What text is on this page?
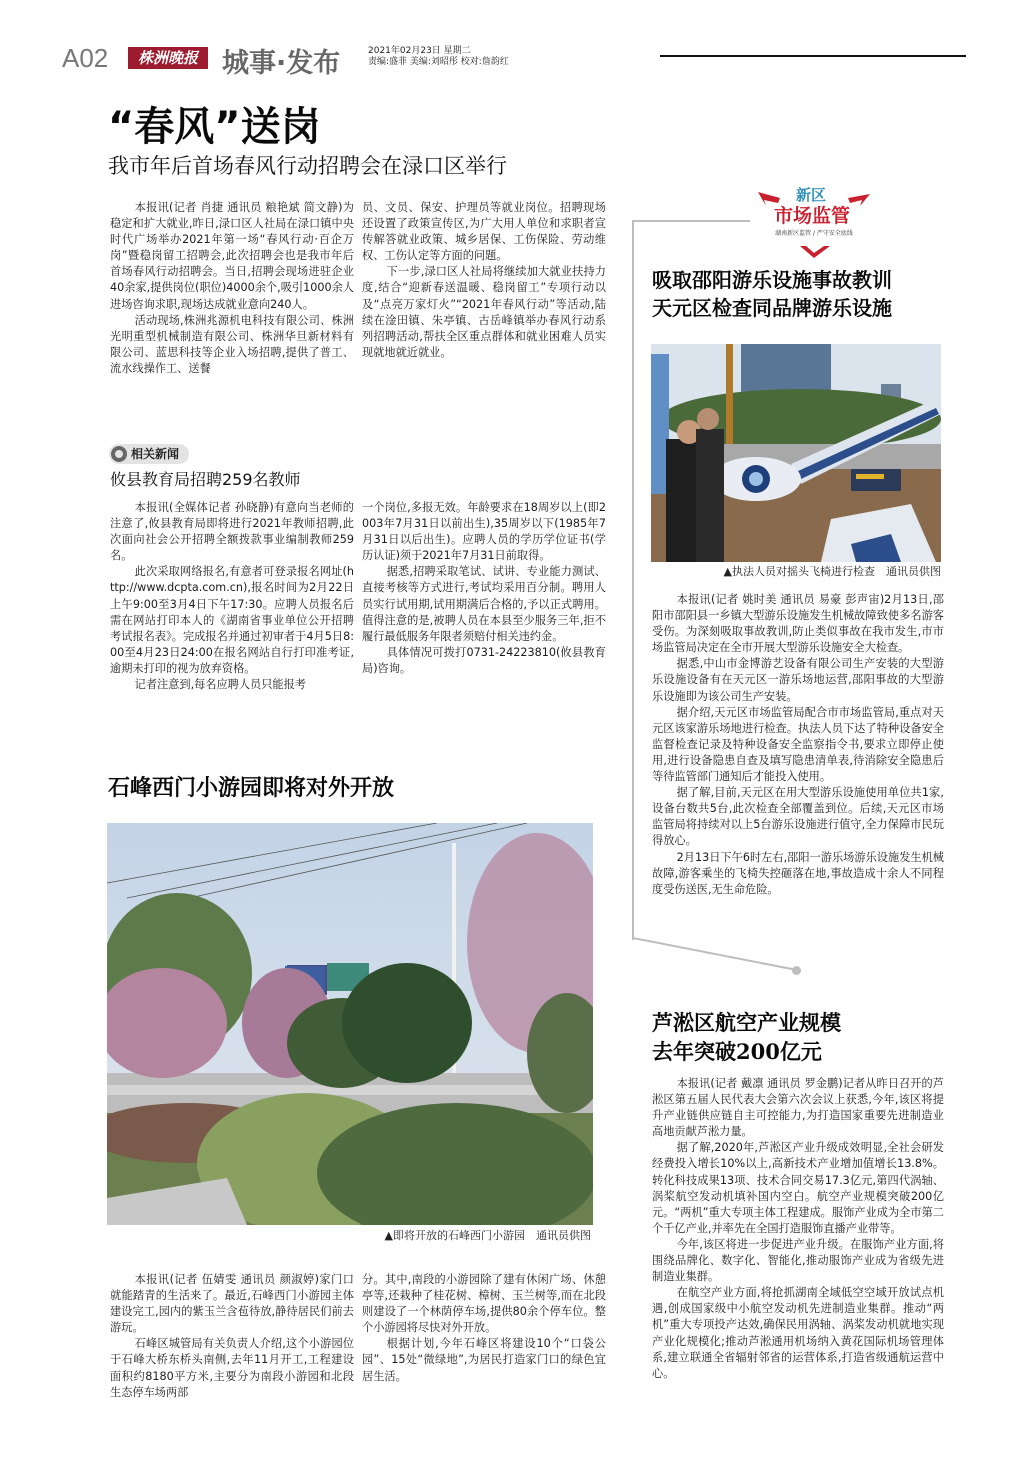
A02	株洲晚报 城事·发布	2021年02月23日 星期二
责编:盛菲 美编:刘昭彤 校对:詹韵红
“春风”送岗
我市年后首场春风行动招聘会在渌口区举行

本报讯(记者 肖捷 通讯员 粮艳斌 简文静)为稳定和扩大就业,昨日,渌口区人社局在渌口镇中央时代广场举办2021年第一场“春风行动·百企万岗”暨稳岗留工招聘会,此次招聘会也是我市年后首场春风行动招聘会。当日,招聘会现场进驻企业40余家,提供岗位(职位)4000余个,吸引1000余人进场咨询求职,现场达成就业意向240人。

活动现场,株洲兆源机电科技有限公司、株洲光明重型机械制造有限公司、株洲华旦新材料有限公司、蓝思科技等企业入场招聘,提供了普工、流水线操作工、送餐

员、文员、保安、护理员等就业岗位。招聘现场还设置了政策宣传区,为广大用人单位和求职者宣传解答就业政策、城乡居保、工伤保险、劳动维权、工伤认定等方面的问题。

下一步,渌口区人社局将继续加大就业扶持力度,结合“迎新春送温暖、稳岗留工”专项行动以及“点亮万家灯火”“2021年春风行动”等活动,陆续在淦田镇、朱亭镇、古岳峰镇举办春风行动系列招聘活动,帮扶全区重点群体和就业困难人员实现就地就近就业。

相关新闻
攸县教育局招聘259名教师

本报讯(全媒体记者 孙晓静)有意向当老师的注意了,攸县教育局即将进行2021年教师招聘,此次面向社会公开招聘全额拨款事业编制教师259名。

此次采取网络报名,有意者可登录报名网址(http://www.dcpta.com.cn),报名时间为2月22日上午9:00至3月4日下午17:30。应聘人员报名后需在网站打印本人的《湖南省事业单位公开招聘考试报名表》。完成报名并通过初审者于4月5日8:00至4月23日24:00在报名网站自行打印准考证,逾期未打印的视为放弃资格。

记者注意到,每名应聘人员只能报考

一个岗位,多报无效。年龄要求在18周岁以上(即2003年7月31日以前出生),35周岁以下(1985年7月31日以后出生)。应聘人员的学历学位证书(学历认证)须于2021年7月31日前取得。

据悉,招聘采取笔试、试讲、专业能力测试、直接考核等方式进行,考试均采用百分制。聘用人员实行试用期,试用期满后合格的,予以正式聘用。值得注意的是,被聘人员在本县至少服务三年,拒不履行最低服务年限者须赔付相关违约金。

具体情况可拨打0731-24223810(攸县教育局)咨询。

石峰西门小游园即将对外开放
▲即将开放的石峰西门小游园　通讯员供图

本报讯(记者 伍婧雯 通讯员 颜淑婷)家门口就能踏青的生活来了。最近,石峰西门小游园主体建设完工,园内的紫玉兰含苞待放,静待居民们前去游玩。

石峰区城管局有关负责人介绍,这个小游园位于石峰大桥东桥头南侧,去年11月开工,工程建设面积约8180平方米,主要分为南段小游园和北段生态停车场两部

分。其中,南段的小游园除了建有休闲广场、休憩亭等,还栽种了桂花树、樟树、玉兰树等,而在北段则建设了一个林荫停车场,提供80余个停车位。整个小游园将尽快对外开放。

根据计划,今年石峰区将建设10个“口袋公园”、15处“微绿地”,为居民打造家门口的绿色宜居生活。

新区
市场监管
湖南新区监管 / 严守安全底线
吸取邵阳游乐设施事故教训
天元区检查同品牌游乐设施
▲执法人员对摇头飞椅进行检查　通讯员供图

本报讯(记者 姚时美 通讯员 易豪 彭声宙)2月13日,邵阳市邵阳县一乡镇大型游乐设施发生机械故障致使多名游客受伤。为深刻吸取事故教训,防止类似事故在我市发生,市市场监管局决定在全市开展大型游乐设施安全大检查。

据悉,中山市金博游艺设备有限公司生产安装的大型游乐设施设备有在天元区一游乐场地运营,邵阳事故的大型游乐设施即为该公司生产安装。

据介绍,天元区市场监管局配合市市场监管局,重点对天元区该家游乐场地进行检查。执法人员下达了特种设备安全监督检查记录及特种设备安全监察指令书,要求立即停止使用,进行设备隐患自查及填写隐患清单表,待消除安全隐患后等待监管部门通知后才能投入使用。

据了解,目前,天元区在用大型游乐设施使用单位共1家,设备台数共5台,此次检查全部覆盖到位。后续,天元区市场监管局将持续对以上5台游乐设施进行值守,全力保障市民玩得放心。

2月13日下午6时左右,邵阳一游乐场游乐设施发生机械故障,游客乘坐的飞椅失控砸落在地,事故造成十余人不同程度受伤送医,无生命危险。

芦淞区航空产业规模
去年突破200亿元

本报讯(记者 戴凛 通讯员 罗金鹏)记者从昨日召开的芦淞区第五届人民代表大会第六次会议上获悉,今年,该区将提升产业链供应链自主可控能力,为打造国家重要先进制造业高地贡献芦淞力量。

据了解,2020年,芦淞区产业升级成效明显,全社会研发经费投入增长10%以上,高新技术产业增加值增长13.8%。转化科技成果13项、技术合同交易17.3亿元,第四代涡轴、涡桨航空发动机填补国内空白。航空产业规模突破200亿元。“两机”重大专项主体工程建成。服饰产业成为全市第二个千亿产业,并率先在全国打造服饰直播产业带等。

今年,该区将进一步促进产业升级。在服饰产业方面,将围绕品牌化、数字化、智能化,推动服饰产业成为省级先进制造业集群。

在航空产业方面,将抢抓湖南全域低空空域开放试点机遇,创成国家级中小航空发动机先进制造业集群。推动“两机”重大专项投产达效,确保民用涡轴、涡桨发动机就地实现产业化规模化;推动芦淞通用机场纳入黄花国际机场管理体系,建立联通全省辐射邻省的运营体系,打造省级通航运营中心。
